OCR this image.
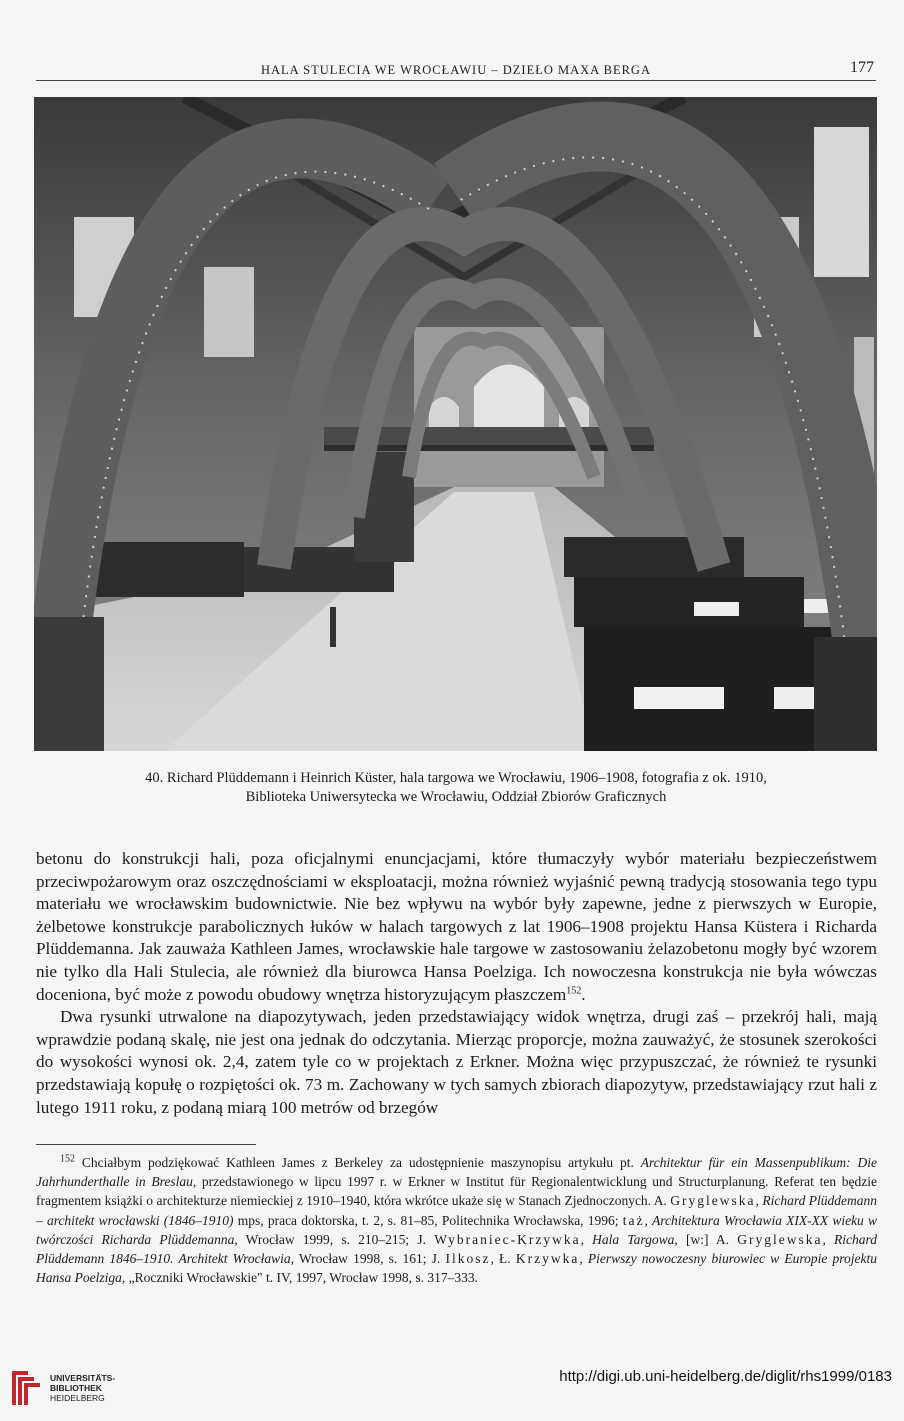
HALA STULECIA WE WROCŁAWIU – DZIEŁO MAXA BERGA	177
40. Richard Plüddemann i Heinrich Küster, hala targowa we Wrocławiu, 1906–1908, fotografia z ok. 1910,
Biblioteka Uniwersytecka we Wrocławiu, Oddział Zbiorów Graficznych

betonu do konstrukcji hali, poza oficjalnymi enuncjacjami, które tłumaczyły wybór materiału bezpieczeństwem przeciwpożarowym oraz oszczędnościami w eksploatacji, można również wyjaśnić pewną tradycją stosowania tego typu materiału we wrocławskim budownictwie. Nie bez wpływu na wybór były zapewne, jedne z pierwszych w Europie, żelbetowe konstrukcje parabolicznych łuków w halach targowych z lat 1906–1908 projektu Hansa Küstera i Richarda Plüddemanna. Jak zauważa Kathleen James, wrocławskie hale targowe w zastosowaniu żelazobetonu mogły być wzorem nie tylko dla Hali Stulecia, ale również dla biurowca Hansa Poelziga. Ich nowoczesna konstrukcja nie była wówczas doceniona, być może z powodu obudowy wnętrza historyzującym płaszczem$^{152}$.

Dwa rysunki utrwalone na diapozytywach, jeden przedstawiający widok wnętrza, drugi zaś – przekrój hali, mają wprawdzie podaną skalę, nie jest ona jednak do odczytania. Mierząc proporcje, można zauważyć, że stosunek szerokości do wysokości wynosi ok. 2,4, zatem tyle co w projektach z Erkner. Można więc przypuszczać, że również te rysunki przedstawiają kopułę o rozpiętości ok. 73 m. Zachowany w tych samych zbiorach diapozytyw, przedstawiający rzut hali z lutego 1911 roku, z podaną miarą 100 metrów od brzegów

$^{152}$ Chciałbym podziękować Kathleen James z Berkeley za udostępnienie maszynopisu artykułu pt. Architektur für ein Massenpublikum: Die Jahrhunderthalle in Breslau, przedstawionego w lipcu 1997 r. w Erkner w Institut für Regionalentwicklung und Structurplanung. Referat ten będzie fragmentem książki o architekturze niemieckiej z 1910–1940, która wkrótce ukaże się w Stanach Zjednoczonych. A. Gryglewska, Richard Plüddemann – architekt wrocławski (1846–1910) mps, praca doktorska, t. 2, s. 81–85, Politechnika Wrocławska, 1996; taż, Architektura Wrocławia XIX-XX wieku w twórczości Richarda Plüddemanna, Wrocław 1999, s. 210–215; J. Wybraniec-Krzywka, Hala Targowa, [w:] A. Gryglewska, Richard Plüddemann 1846–1910. Architekt Wrocławia, Wrocław 1998, s. 161; J. Ilkosz, Ł. Krzywka, Pierwszy nowoczesny biurowiec w Europie projektu Hansa Poelziga, „Roczniki Wrocławskie" t. IV, 1997, Wrocław 1998, s. 317–333.

UNIVERSITÄTS-
BIBLIOTHEK
HEIDELBERG
http://digi.ub.uni-heidelberg.de/diglit/rhs1999/0183
